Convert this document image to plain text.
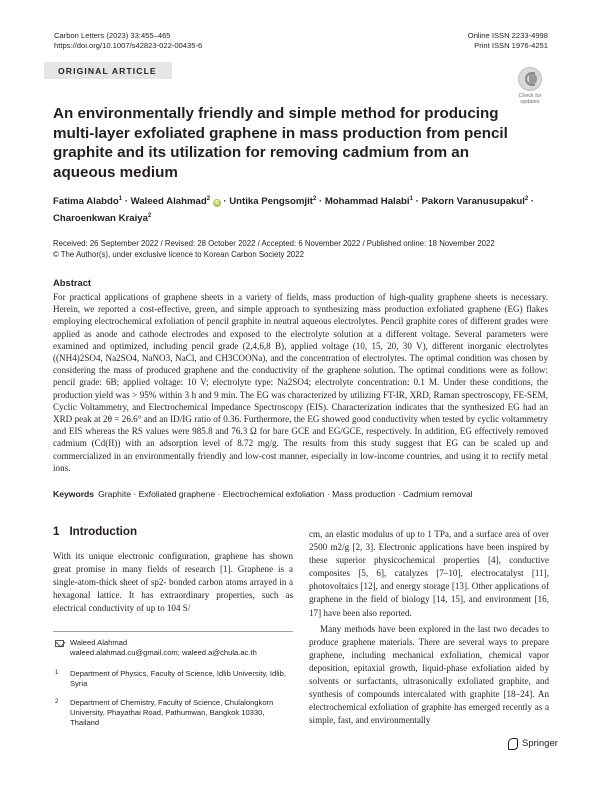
Carbon Letters (2023) 33:455–465
https://doi.org/10.1007/s42823-022-00435-6
Online ISSN 2233-4998
Print ISSN 1976-4251
ORIGINAL ARTICLE
Check for
updates
An environmentally friendly and simple method for producing multi-layer exfoliated graphene in mass production from pencil graphite and its utilization for removing cadmium from an aqueous medium
Fatima Alabdo$^1$ · Waleed Alahmad$^2$ iD · Untika Pengsomjit$^2$ · Mohammad Halabi$^1$ · Pakorn Varanusupakul$^2$ ·
Charoenkwan Kraiya$^2$
Received: 26 September 2022 / Revised: 28 October 2022 / Accepted: 6 November 2022 / Published online: 18 November 2022
© The Author(s), under exclusive licence to Korean Carbon Society 2022
Abstract
For practical applications of graphene sheets in a variety of fields, mass production of high-quality graphene sheets is necessary. Herein, we reported a cost-effective, green, and simple approach to synthesizing mass production exfoliated graphene (EG) flakes employing electrochemical exfoliation of pencil graphite in neutral aqueous electrolytes. Pencil graphite cores of different grades were applied as anode and cathode electrodes and exposed to the electrolyte solution at a different voltage. Several parameters were examined and optimized, including pencil grade (2,4,6,8 B), applied voltage (10, 15, 20, 30 V), different inorganic electrolytes ((NH4)2SO4, Na2SO4, NaNO3, NaCl, and CH3COONa), and the concentration of electrolytes. The optimal condition was chosen by considering the mass of produced graphene and the conductivity of the graphene solution. The optimal conditions were as follow: pencil grade: 6B; applied voltage: 10 V; electrolyte type: Na2SO4; electrolyte concentration: 0.1 M. Under these conditions, the production yield was > 95% within 3 h and 9 min. The EG was characterized by utilizing FT-IR, XRD, Raman spectroscopy, FE-SEM, Cyclic Voltammetry, and Electrochemical Impedance Spectroscopy (EIS). Characterization indicates that the synthesized EG had an XRD peak at 2θ = 26.6° and an ID/IG ratio of 0.36. Furthermore, the EG showed good conductivity when tested by cyclic voltammetry and EIS whereas the RS values were 985.8 and 76.3 Ω for bare GCE and EG/GCE, respectively. In addition, EG effectively removed cadmium (Cd(II)) with an adsorption level of 8.72 mg/g. The results from this study suggest that EG can be scaled up and commercialized in an environmentally friendly and low-cost manner, especially in low-income countries, and using it to rectify metal ions.
Keywords Graphite · Exfoliated graphene · Electrochemical exfoliation · Mass production · Cadmium removal
1 Introduction
With its unique electronic configuration, graphene has shown great promise in many fields of research [1]. Graphene is a single-atom-thick sheet of sp2- bonded carbon atoms arrayed in a hexagonal lattice. It has extraordinary properties, such as electrical conductivity of up to 104 S/

cm, an elastic modulus of up to 1 TPa, and a surface area of over 2500 m2/g [2, 3]. Electronic applications have been inspired by these superior physicochemical properties [4], conductive composites [5, 6], catalyzes [7–10], electrocatalyst [11], photovoltaics [12], and energy storage [13]. Other applications of graphene in the field of biology [14, 15], and environment [16, 17] have been also reported.

Many methods have been explored in the last two decades to produce graphene materials. There are several ways to prepare graphene, including mechanical exfoliation, chemical vapor deposition, epitaxial growth, liquid-phase exfoliation aided by solvents or surfactants, ultrasonically exfoliated graphite, and synthesis of compounds intercalated with graphite [18–24]. An electrochemical exfoliation of graphite has emerged recently as a simple, fast, and environmentally

Waleed Alahmad
waleed.alahmad.cu@gmail.com; waleed.a@chula.ac.th
$^1$ Department of Physics, Faculty of Science, Idlib University, Idlib, Syria
$^2$ Department of Chemistry, Faculty of Science, Chulalongkorn University, Phayathai Road, Pathumwan, Bangkok 10330, Thailand
Springer
